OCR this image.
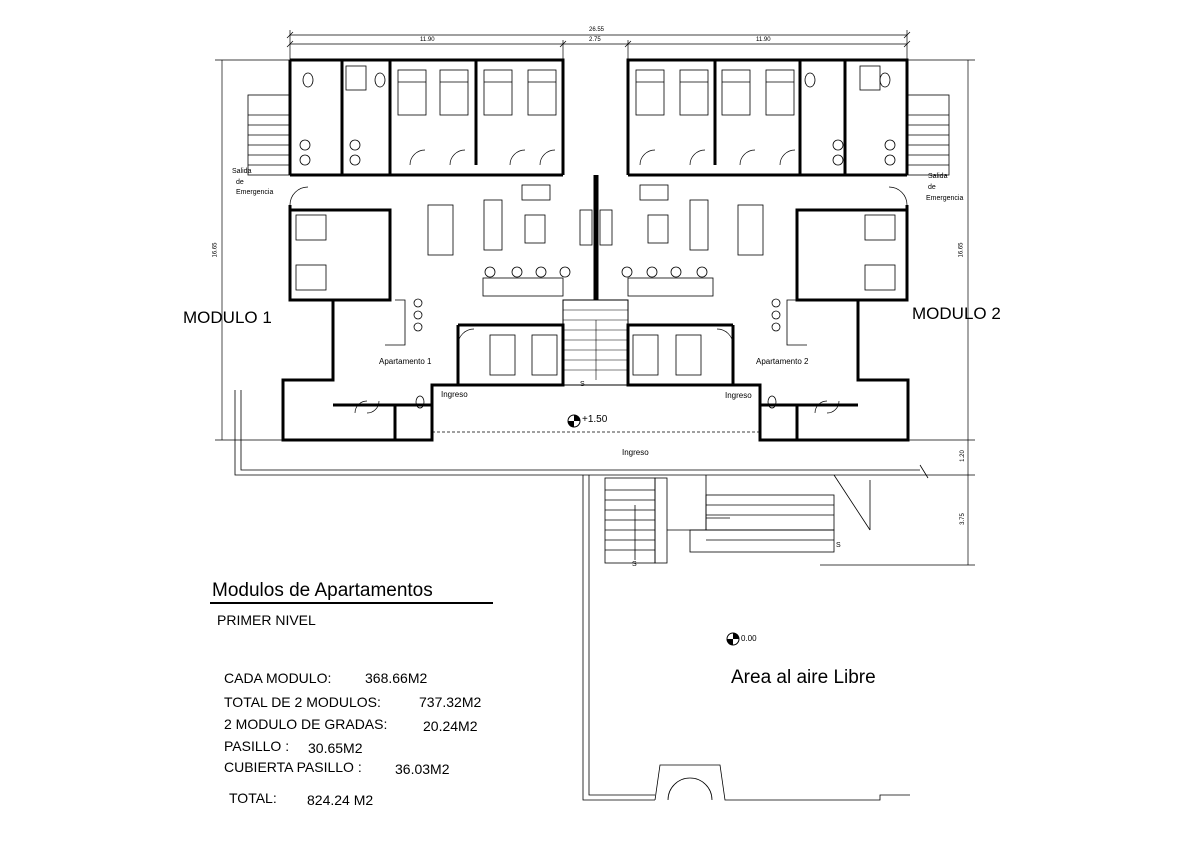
26.55
11.90	2.75	11.90
16.65	16.65
1.20
3.75
MODULO 1	MODULO 2
Apartamento 1	Apartamento 2
Ingreso	Ingreso
Ingreso
Salida
de
Emergencia
Salida
de
Emergencia
+1.50
0.00
S
S
S
Area al aire Libre
Modulos de Apartamentos
PRIMER NIVEL
CADA MODULO: 368.66M2
TOTAL DE 2 MODULOS:	737.32M2
2 MODULO DE GRADAS:	20.24M2
PASILLO : 30.65M2
CUBIERTA PASILLO : 36.03M2
TOTAL: 824.24 M2
